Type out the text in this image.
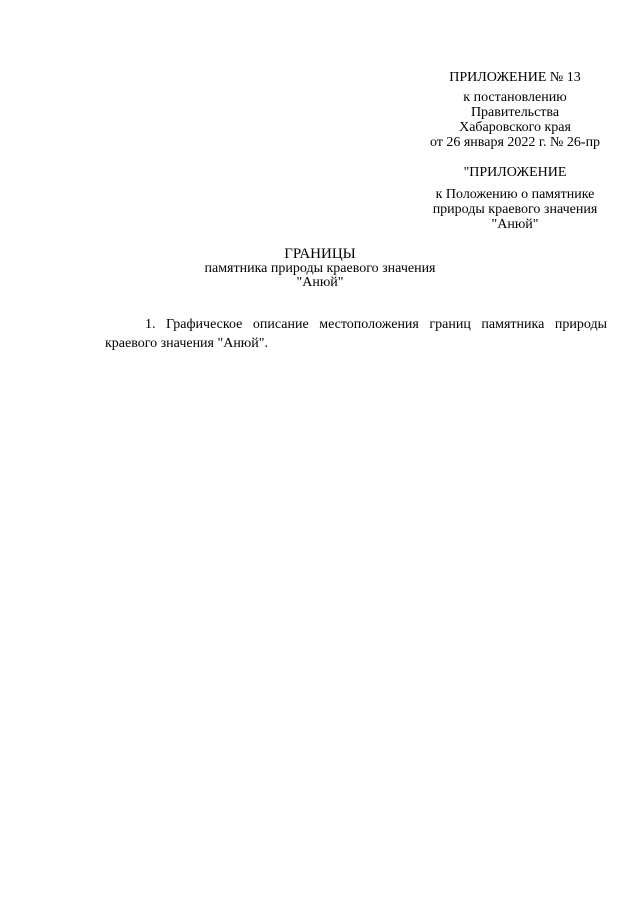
ПРИЛОЖЕНИЕ № 13
к постановлению
Правительства
Хабаровского края
от 26 января 2022 г. № 26-пр
"ПРИЛОЖЕНИЕ
к Положению о памятнике
природы краевого значения
"Анюй"
ГРАНИЦЫ
памятника природы краевого значения
"Анюй"

1. Графическое описание местоположения границ памятника природы краевого значения "Анюй".
